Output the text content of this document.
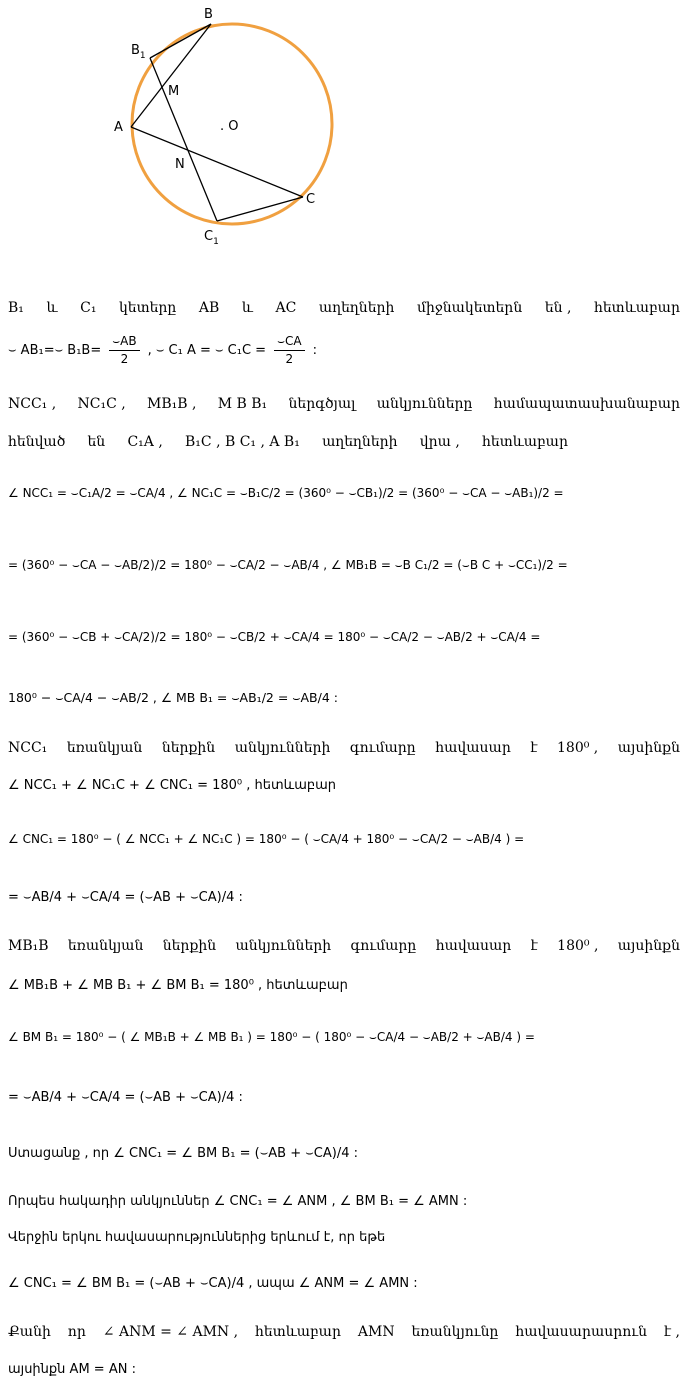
B
$B_1$
M
A	. O
N
C
$C_1$
B₁ և C₁ կետերը AB և AC աղեղների միջնակետերն են , հետևաբար
⌣ AB₁=⌣ $B_1B= \frac{⌣AB}{2}$ , ⌣ C₁ A = ⌣ $C_1C = \frac{⌣CA}{2}$ :
NCC₁ , NC₁C , MB₁B , M B B₁ ներգծյալ անկյունները համապատասխանաբար
հենված են C₁A , B₁C , B C₁ , A B₁ աղեղների վրա , հետևաբար
∠ NCC₁ = ⌣C₁A/2 = ⌣CA/4 , ∠ NC₁C = ⌣B₁C/2 = (360⁰ − ⌣CB₁)/2 = (360⁰ − ⌣CA − ⌣AB₁)/2 =
= (360⁰ − ⌣CA − ⌣AB/2)/2 = 180⁰ − ⌣CA/2 − ⌣AB/4 , ∠ MB₁B = ⌣B C₁/2 = (⌣B C + ⌣CC₁)/2 =
= (360⁰ − ⌣CB + ⌣CA/2)/2 = 180⁰ − ⌣CB/2 + ⌣CA/4 = 180⁰ − ⌣CA/2 − ⌣AB/2 + ⌣CA/4 =
180⁰ − ⌣CA/4 − ⌣AB/2 , ∠ MB B₁ = ⌣AB₁/2 = ⌣AB/4 :
NCC₁ եռանկյան ներքին անկյունների գումարը հավասար է 180⁰ , այսինքն
∠ NCC₁ + ∠ NC₁C + ∠ CNC₁ = 180⁰ , հետևաբար
∠ CNC₁ = 180⁰ − ( ∠ NCC₁ + ∠ NC₁C ) = 180⁰ − ( ⌣CA/4 + 180⁰ − ⌣CA/2 − ⌣AB/4 ) =
= ⌣AB/4 + ⌣CA/4 = (⌣AB + ⌣CA)/4 :
MB₁B եռանկյան ներքին անկյունների գումարը հավասար է 180⁰ , այսինքն
∠ MB₁B + ∠ MB B₁ + ∠ BM B₁ = 180⁰ , հետևաբար
∠ BM B₁ = 180⁰ − ( ∠ MB₁B + ∠ MB B₁ ) = 180⁰ − ( 180⁰ − ⌣CA/4 − ⌣AB/2 + ⌣AB/4 ) =
= ⌣AB/4 + ⌣CA/4 = (⌣AB + ⌣CA)/4 :
Ստացանք , որ ∠ CNC₁ = ∠ BM B₁ = (⌣AB + ⌣CA)/4 :
Որպես հակադիր անկյուններ ∠ CNC₁ = ∠ ANM , ∠ BM B₁ = ∠ AMN :
Վերջին երկու հավասարություններից երևում է, որ եթե
∠ CNC₁ = ∠ BM B₁ = (⌣AB + ⌣CA)/4 , ապա ∠ ANM = ∠ AMN :
Քանի որ ∠ ANM = ∠ AMN , հետևաբար AMN եռանկյունը հավասարասրուն է ,
այսինքն AM = AN :
